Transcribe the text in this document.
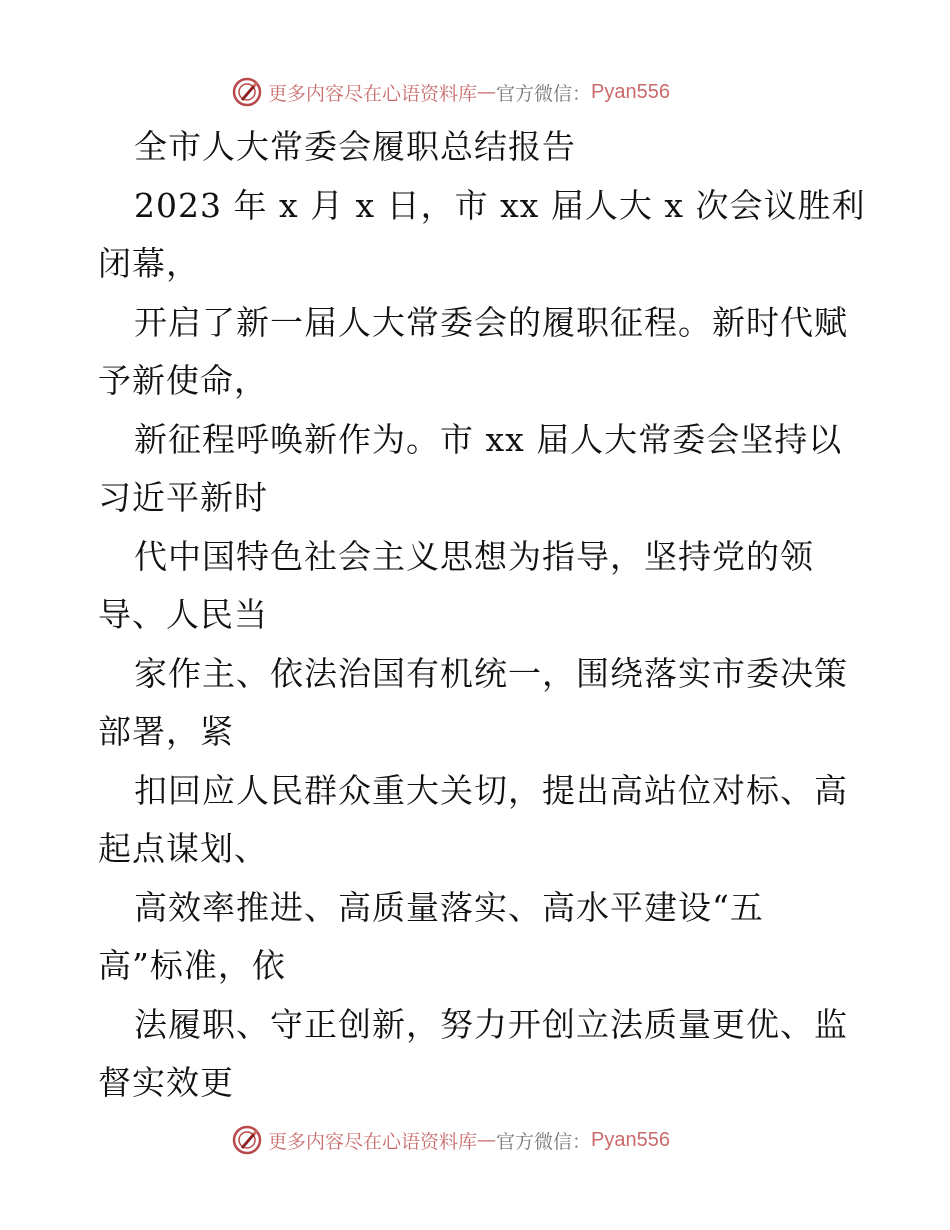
更多内容尽在心语资料库 — 官方微信： Pyan556
全市人大常委会履职总结报告
2023 年 x 月 x 日，市 xx 届人大 x 次会议胜利
闭幕，
开启了新一届人大常委会的履职征程。新时代赋
予新使命，
新征程呼唤新作为。市 xx 届人大常委会坚持以
习近平新时
代中国特色社会主义思想为指导，坚持党的领
导、人民当
家作主、依法治国有机统一，围绕落实市委决策
部署，紧
扣回应人民群众重大关切，提出高站位对标、高
起点谋划、
高效率推进、高质量落实、高水平建设“五
高”标准，依
法履职、守正创新，努力开创立法质量更优、监
督实效更
更多内容尽在心语资料库 — 官方微信： Pyan556
